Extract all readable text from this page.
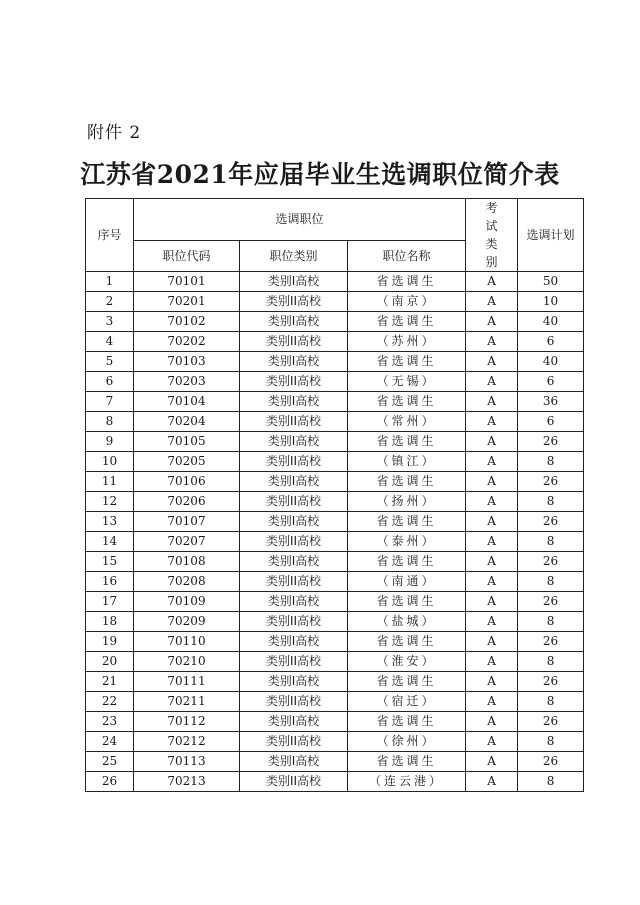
附件 2
江苏省2021年应届毕业生选调职位简介表
序号	选调职位			考试类别	选调计划
	职位代码	职位类别	职位名称		
1	70101	类别I高校	省选调生	A	50
2	70201	类别II高校	（南京）	A	10
3	70102	类别I高校	省选调生	A	40
4	70202	类别II高校	（苏州）	A	6
5	70103	类别I高校	省选调生	A	40
6	70203	类别II高校	（无锡）	A	6
7	70104	类别I高校	省选调生	A	36
8	70204	类别II高校	（常州）	A	6
9	70105	类别I高校	省选调生	A	26
10	70205	类别II高校	（镇江）	A	8
11	70106	类别I高校	省选调生	A	26
12	70206	类别II高校	（扬州）	A	8
13	70107	类别I高校	省选调生	A	26
14	70207	类别II高校	（泰州）	A	8
15	70108	类别I高校	省选调生	A	26
16	70208	类别II高校	（南通）	A	8
17	70109	类别I高校	省选调生	A	26
18	70209	类别II高校	（盐城）	A	8
19	70110	类别I高校	省选调生	A	26
20	70210	类别II高校	（淮安）	A	8
21	70111	类别I高校	省选调生	A	26
22	70211	类别II高校	（宿迁）	A	8
23	70112	类别I高校	省选调生	A	26
24	70212	类别II高校	（徐州）	A	8
25	70113	类别I高校	省选调生	A	26
26	70213	类别II高校	（连云港）	A	8
